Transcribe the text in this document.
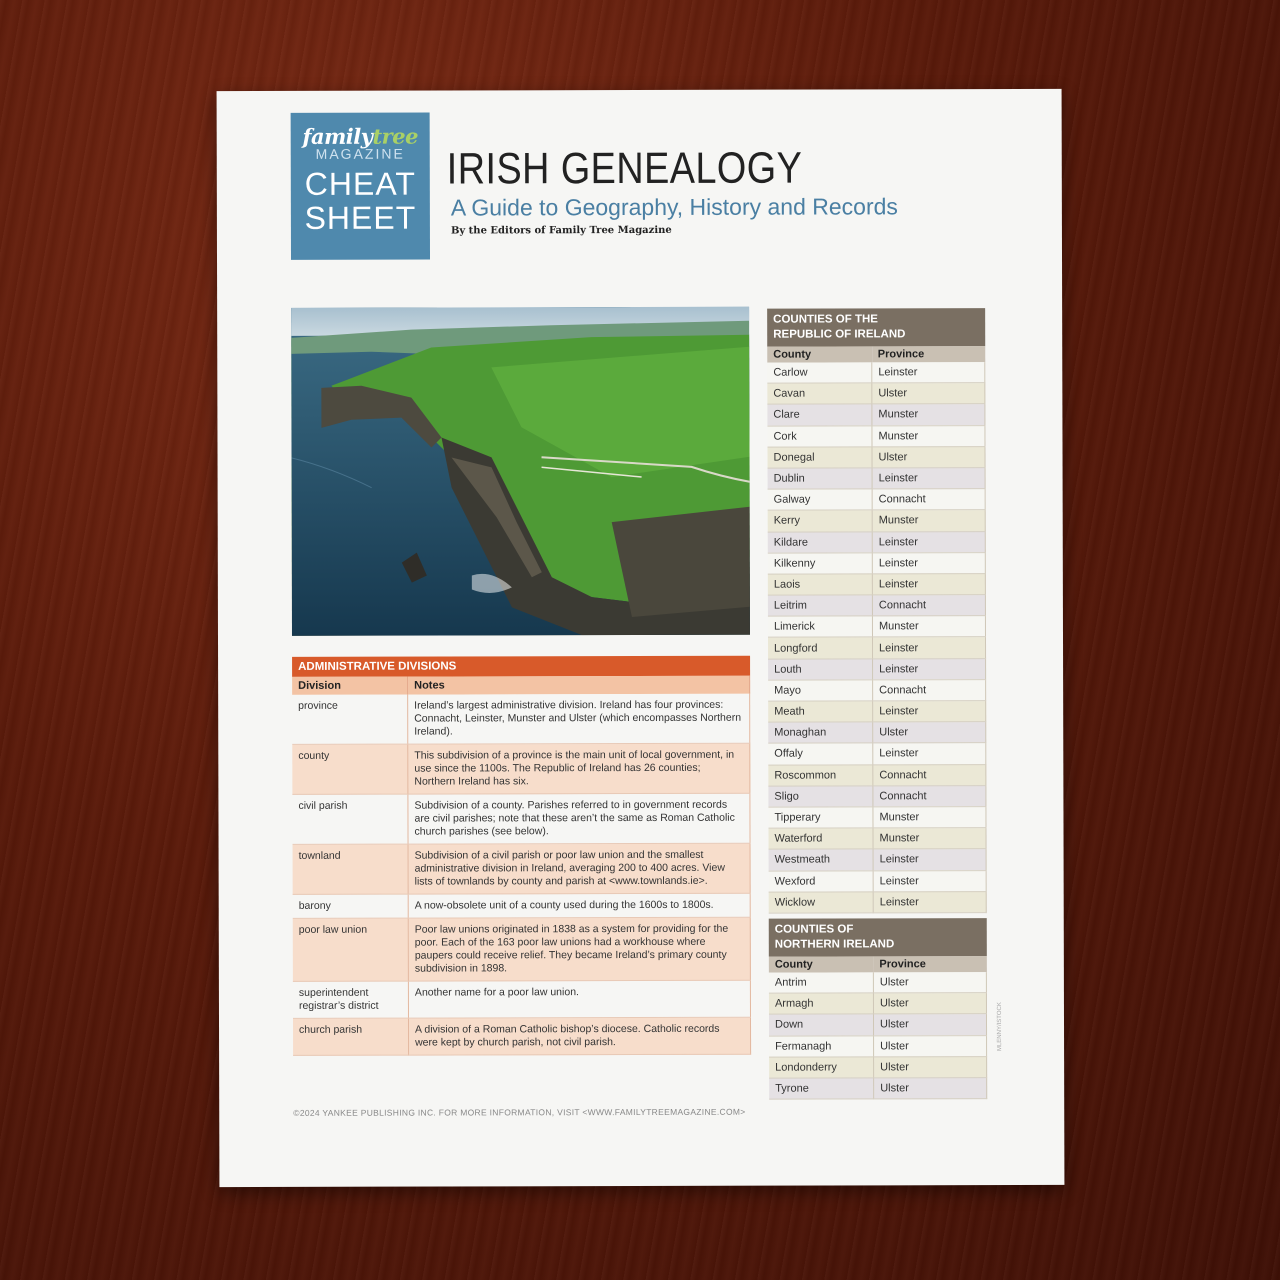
familytree
MAGAZINE
CHEAT
SHEET
IRISH GENEALOGY
A Guide to Geography, History and Records
By the Editors of Family Tree Magazine
ADMINISTRATIVE DIVISIONS
Division	Notes
province	Ireland’s largest administrative division. Ireland has four provinces: Connacht, Leinster, Munster and Ulster (which encompasses Northern Ireland).
county	This subdivision of a province is the main unit of local government, in use since the 1100s. The Republic of Ireland has 26 counties; Northern Ireland has six.
civil parish	Subdivision of a county. Parishes referred to in government records are civil parishes; note that these aren’t the same as Roman Catholic church parishes (see below).
townland	Subdivision of a civil parish or poor law union and the smallest administrative division in Ireland, averaging 200 to 400 acres. View lists of townlands by county and parish at <www.townlands.ie>.
barony	A now-obsolete unit of a county used during the 1600s to 1800s.
poor law union	Poor law unions originated in 1838 as a system for providing for the poor. Each of the 163 poor law unions had a workhouse where paupers could receive relief. They became Ireland’s primary county subdivision in 1898.
superintendent registrar’s district	Another name for a poor law union.
church parish	A division of a Roman Catholic bishop’s diocese. Catholic records were kept by church parish, not civil parish.
COUNTIES OF THE
REPUBLIC OF IRELAND
County	Province
Carlow	Leinster
Cavan	Ulster
Clare	Munster
Cork	Munster
Donegal	Ulster
Dublin	Leinster
Galway	Connacht
Kerry	Munster
Kildare	Leinster
Kilkenny	Leinster
Laois	Leinster
Leitrim	Connacht
Limerick	Munster
Longford	Leinster
Louth	Leinster
Mayo	Connacht
Meath	Leinster
Monaghan	Ulster
Offaly	Leinster
Roscommon	Connacht
Sligo	Connacht
Tipperary	Munster
Waterford	Munster
Westmeath	Leinster
Wexford	Leinster
Wicklow	Leinster
COUNTIES OF
NORTHERN IRELAND
County	Province
Antrim	Ulster
Armagh	Ulster
Down	Ulster
Fermanagh	Ulster
Londonderry	Ulster
Tyrone	Ulster
MLENNY/ISTOCK
©2024 YANKEE PUBLISHING INC. FOR MORE INFORMATION, VISIT <WWW.FAMILYTREEMAGAZINE.COM>
